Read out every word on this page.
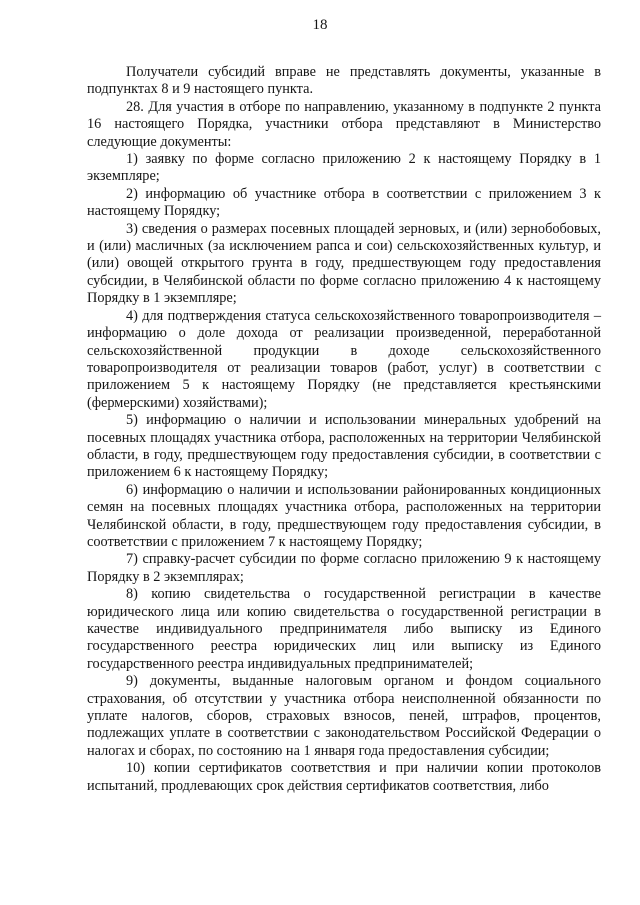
18

Получатели субсидий вправе не представлять документы, указанные в подпунктах 8 и 9 настоящего пункта.

28. Для участия в отборе по направлению, указанному в подпункте 2 пункта 16 настоящего Порядка, участники отбора представляют в Министерство следующие документы:

1) заявку по форме согласно приложению 2 к настоящему Порядку в 1 экземпляре;

2) информацию об участнике отбора в соответствии с приложением 3 к настоящему Порядку;

3) сведения о размерах посевных площадей зерновых, и (или) зернобобовых, и (или) масличных (за исключением рапса и сои) сельскохозяйственных культур, и (или) овощей открытого грунта в году, предшествующем году предоставления субсидии, в Челябинской области по форме согласно приложению 4 к настоящему Порядку в 1 экземпляре;

4) для подтверждения статуса сельскохозяйственного товаропроизводителя – информацию о доле дохода от реализации произведенной, переработанной сельскохозяйственной продукции в доходе сельскохозяйственного товаропроизводителя от реализации товаров (работ, услуг) в соответствии с приложением 5 к настоящему Порядку (не представляется крестьянскими (фермерскими) хозяйствами);

5) информацию о наличии и использовании минеральных удобрений на посевных площадях участника отбора, расположенных на территории Челябинской области, в году, предшествующем году предоставления субсидии, в соответствии с приложением 6 к настоящему Порядку;

6) информацию о наличии и использовании районированных кондиционных семян на посевных площадях участника отбора, расположенных на территории Челябинской области, в году, предшествующем году предоставления субсидии, в соответствии с приложением 7 к настоящему Порядку;

7) справку-расчет субсидии по форме согласно приложению 9 к настоящему Порядку в 2 экземплярах;

8) копию свидетельства о государственной регистрации в качестве юридического лица или копию свидетельства о государственной регистрации в качестве индивидуального предпринимателя либо выписку из Единого государственного реестра юридических лиц или выписку из Единого государственного реестра индивидуальных предпринимателей;

9) документы, выданные налоговым органом и фондом социального страхования, об отсутствии у участника отбора неисполненной обязанности по уплате налогов, сборов, страховых взносов, пеней, штрафов, процентов, подлежащих уплате в соответствии с законодательством Российской Федерации о налогах и сборах, по состоянию на 1 января года предоставления субсидии;

10) копии сертификатов соответствия и при наличии копии протоколов испытаний, продлевающих срок действия сертификатов соответствия, либо
